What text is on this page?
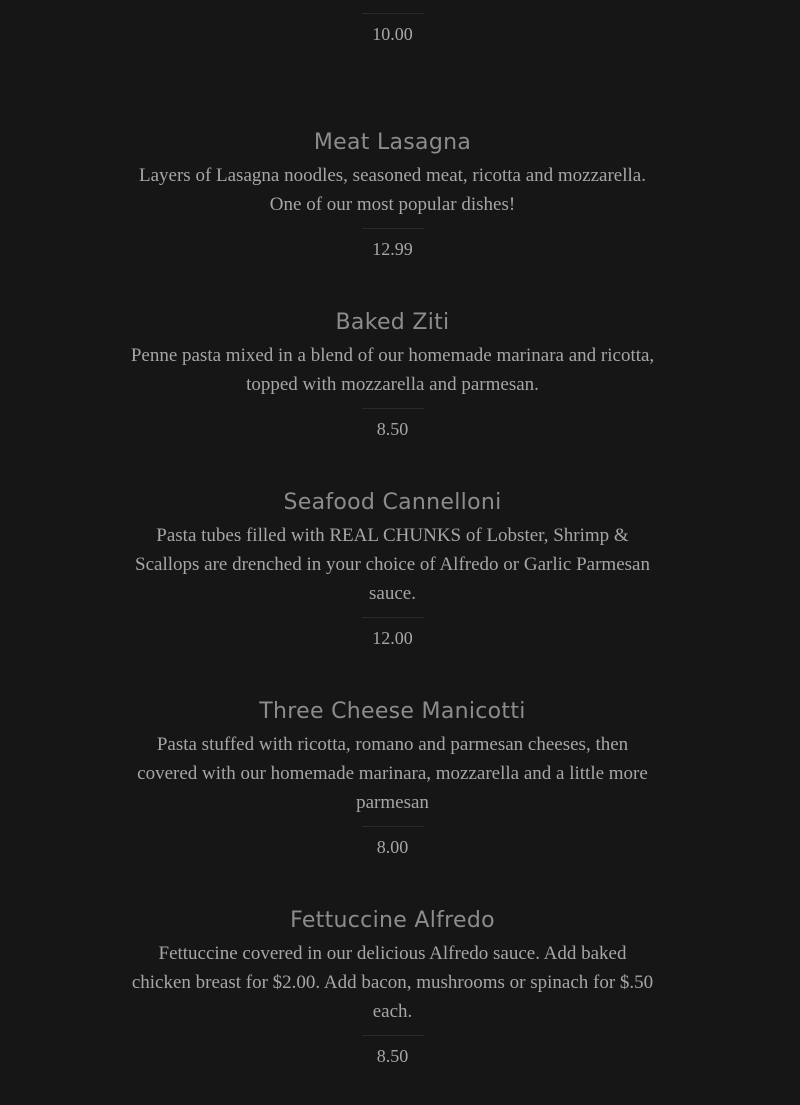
10.00
Meat Lasagna
Layers of Lasagna noodles, seasoned meat, ricotta and mozzarella. One of our most popular dishes!
12.99
Baked Ziti
Penne pasta mixed in a blend of our homemade marinara and ricotta, topped with mozzarella and parmesan.
8.50
Seafood Cannelloni
Pasta tubes filled with REAL CHUNKS of Lobster, Shrimp & Scallops are drenched in your choice of Alfredo or Garlic Parmesan sauce.
12.00
Three Cheese Manicotti
Pasta stuffed with ricotta, romano and parmesan cheeses, then covered with our homemade marinara, mozzarella and a little more parmesan
8.00
Fettuccine Alfredo
Fettuccine covered in our delicious Alfredo sauce. Add baked chicken breast for $2.00. Add bacon, mushrooms or spinach for $.50 each.
8.50
